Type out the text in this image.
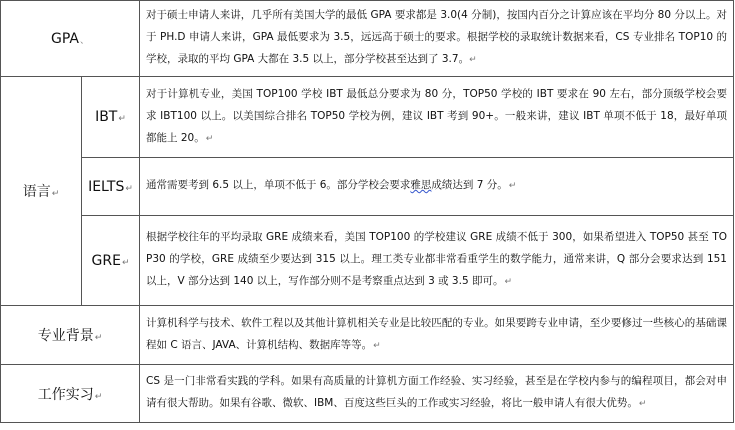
GPA、		对于硕士申请人来讲，几乎所有美国大学的最低 GPA 要求都是 3.0(4 分制)，按国内百分之计算应该在平均分 80 分以上。对于 PH.D 申请人来讲，GPA 最低要求为 3.5，远远高于硕士的要求。根据学校的录取统计数据来看，CS 专业排名 TOP10 的学校，录取的平均 GPA 大都在 3.5 以上，部分学校甚至达到了 3.7。↵
语言↵	IBT↵	对于计算机专业，美国 TOP100 学校 IBT 最低总分要求为 80 分，TOP50 学校的 IBT 要求在 90 左右，部分顶级学校会要求 IBT100 以上。以美国综合排名 TOP50 学校为例，建议 IBT 考到 90+。一般来讲，建议 IBT 单项不低于 18，最好单项都能上 20。↵
	IELTS↵	通常需要考到 6.5 以上，单项不低于 6。部分学校会要求雅思成绩达到 7 分。↵
	GRE↵	根据学校往年的平均录取 GRE 成绩来看，美国 TOP100 的学校建议 GRE 成绩不低于 300，如果希望进入 TOP50 甚至 TOP30 的学校，GRE 成绩至少要达到 315 以上。理工类专业都非常看重学生的数学能力，通常来讲，Q 部分会要求达到 151 以上，V 部分达到 140 以上，写作部分则不是考察重点达到 3 或 3.5 即可。↵
专业背景↵		计算机科学与技术、软件工程以及其他计算机相关专业是比较匹配的专业。如果要跨专业申请，至少要修过一些核心的基础课程如 C 语言、JAVA、计算机结构、数据库等等。↵
工作实习↵		CS 是一门非常看实践的学科。如果有高质量的计算机方面工作经验、实习经验，甚至是在学校内参与的编程项目，都会对申请有很大帮助。如果有谷歌、微软、IBM、百度这些巨头的工作或实习经验，将比一般申请人有很大优势。↵
